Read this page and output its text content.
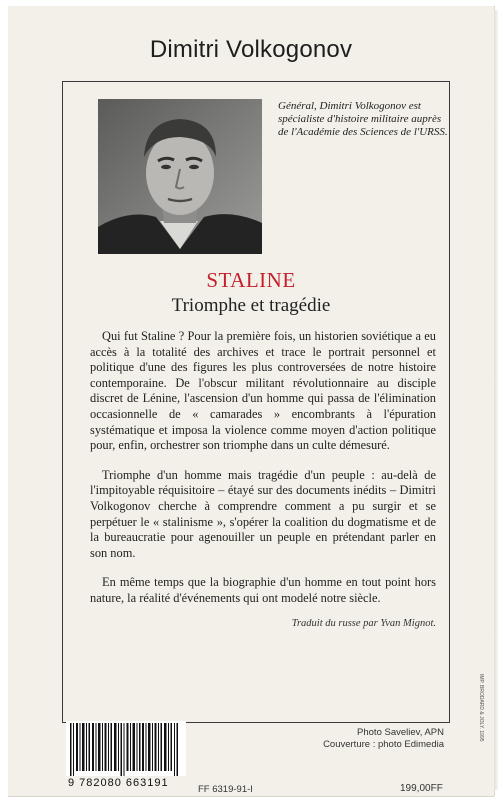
Dimitri Volkogonov
Général, Dimitri Volkogonov est spécialiste d'histoire militaire auprès de l'Académie des Sciences de l'URSS.
STALINE
Triomphe et tragédie

Qui fut Staline ? Pour la première fois, un historien soviétique a eu accès à la totalité des archives et trace le portrait personnel et politique d'une des figures les plus controversées de notre histoire contemporaine. De l'obscur militant révolutionnaire au disciple discret de Lénine, l'ascension d'un homme qui passa de l'élimination occasionnelle de « camarades » encombrants à l'épuration systématique et imposa la violence comme moyen d'action politique pour, enfin, orchestrer son triomphe dans un culte démesuré.

Triomphe d'un homme mais tragédie d'un peuple : au-delà de l'impitoyable réquisitoire – étayé sur des documents inédits – Dimitri Volkogonov cherche à comprendre comment a pu surgir et se perpétuer le « stalinisme », s'opérer la coalition du dogmatisme et de la bureaucratie pour agenouiller un peuple en prétendant parler en son nom.

En même temps que la biographie d'un homme en tout point hors nature, la réalité d'événements qui ont modelé notre siècle.

Traduit du russe par Yvan Mignot.
9 782080 663191
Photo Saveliev, APN
Couverture : photo Edimedia
FF 6319-91-I	199,00FF
IMP. BRODARD & JOLY. 1995
